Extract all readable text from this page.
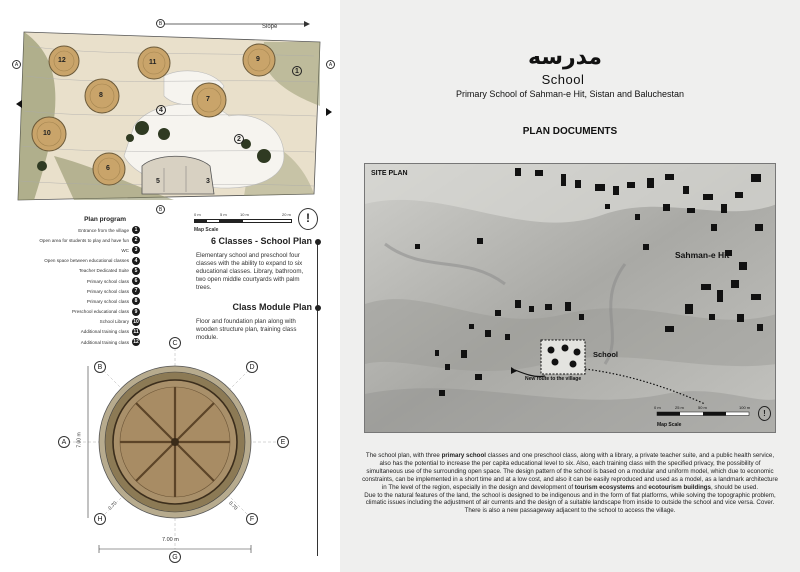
12	11	9
1
8
7
4
10
2
6
5	3
B
A	A
B
Slope
0 m	5 m	10 m	20 m
Map Scale
!
Plan program
Entrance from the village	1
Open area for students to play and have fun	2
WC	3
Open space between educational classes	4
Teacher Dedicated Suite	5
Primary school class	6
Primary school class	7
Primary school class	8
Preschool educational class	9
School Library 10
Additional training class 11
Additional training class 12
6 Classes - School Plan
Elementary school and preschool four classes with the ability to expand to six educational classes. Library, bathroom, two open middle courtyards with palm trees.
Class Module Plan
Floor and foundation plan along with wooden structure plan, training class module.
A
B
C
D
E
F
G
H
7.00 m
7.00 m
0.70	0.70
مدرسه
School
Primary School of Sahman-e Hit, Sistan and Baluchestan
PLAN DOCUMENTS
SITE PLAN
Sahman-e Hit
School
New route to the village
0 m	25 m	50 m	100 m
Map Scale
!

The school plan, with three primary school classes and one preschool class, along with a library, a private teacher suite, and a public health service, also has the potential to increase the per capita educational level to six. Also, each training class with the specified privacy, the possibility of simultaneous use of the surrounding open space. The design pattern of the school is based on a modular and uniform model, which due to economic constraints, can be implemented in a short time and at a low cost, and also it can be easily reproduced and used as a model, as a landmark architecture in The level of the region, especially in the design and development of tourism ecosystems and ecotourism buildings, should be used.

Due to the natural features of the land, the school is designed to be indigenous and in the form of flat platforms, while solving the topographic problem, climatic issues including the adjustment of air currents and the design of a suitable landscape from inside to outside the school and vice versa. Cover. There is also a new passageway adjacent to the school to access the village.
